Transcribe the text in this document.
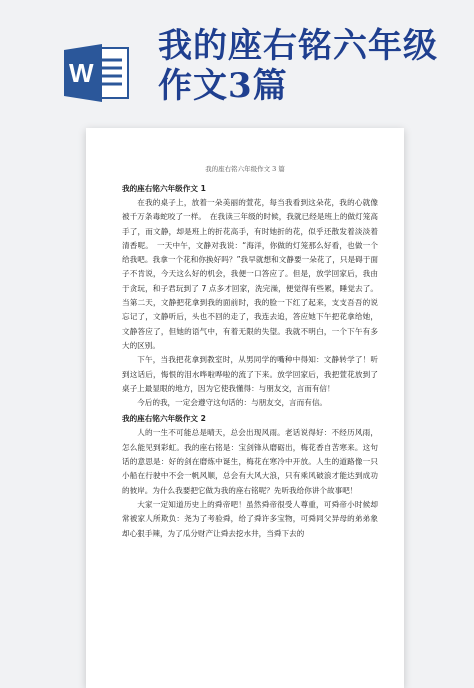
W
我的座右铭六年级
作文3篇
我的座右铭六年级作文 3 篇
我的座右铭六年级作文 1

在我的桌子上，放着一朵美丽的萱花，每当我看到这朵花，我的心就像被千万条毒蛇咬了一样。　在我读三年级的时候，我就已经是班上的做灯笼高手了，而文静，却是班上的折花高手，有时她折的花，似乎还散发着淡淡着清香呢。　一天中午，文静对我说：“海洋，你做的灯笼那么好看，也做一个给我吧。我拿一个花和你换好吗？”我早就想和文静要一朵花了，只是碍于面子不肯说，今天这么好的机会，我便一口答应了。但是，放学回家后，我由于贪玩，和子君玩到了 7 点多才回家，洗完澡，便觉得有些累，睡觉去了。当第二天，文静把花拿到我的面前时，我的脸一下红了起来，支支吾吾的说忘记了，文静听后，头也不回的走了，我连去追，答应她下午把花拿给她，文静答应了，但她的语气中，有着无限的失望。我就不明白，一个下午有多大的区别。

下午，当我把花拿到教室时，从男同学的嘴种中得知：文静转学了！听到这话后，悔恨的泪水哗啦哗啦的流了下来。放学回家后，我把萱花放到了桌子上最显眼的地方，因为它使我懂得：与朋友交，言而有信！

今后的我，一定会遵守这句话的：与朋友交，言而有信。

我的座右铭六年级作文 2

人的一生不可能总是晴天，总会出现风雨。老话说得好：不经历风雨，怎么能见到彩虹。我的座右铭是：宝剑锋从磨砺出，梅花香自苦寒来。这句话的意思是：好的剑在磨炼中诞生，梅花在寒冷中开放。人生的道路像一只小船在行驶中不会一帆风顺，总会有大风大浪，只有乘风破浪才能达到成功的彼岸。为什么我要把它做为我的座右铭呢？先听我给你讲个故事吧！

大家一定知道历史上的舜帝吧！虽然舜帝很受人尊重，可舜帝小时候却常被家人所欺负：尧为了考验舜，给了舜许多宝物，可舜同父异母的弟弟象却心狠手辣，为了瓜分财产让舜去挖水井，当舜下去的
